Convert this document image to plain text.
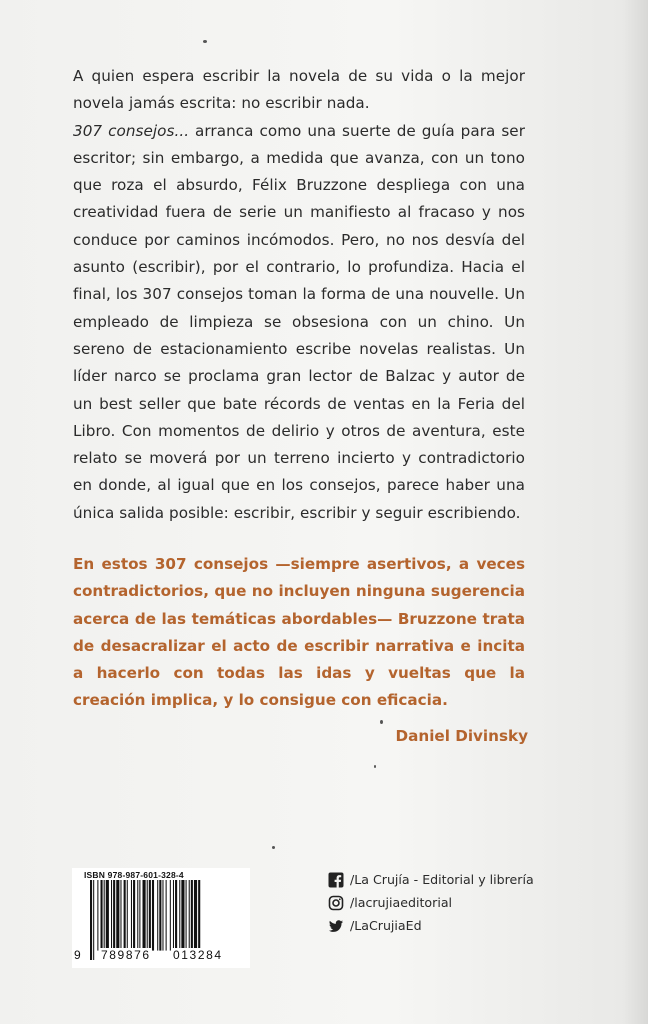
A quien espera escribir la novela de su vida o la mejor novela jamás escrita: no escribir nada.

307 consejos... arranca como una suerte de guía para ser escritor; sin embargo, a medida que avanza, con un tono que roza el absurdo, Félix Bruzzone despliega con una creatividad fuera de serie un manifiesto al fracaso y nos conduce por caminos incómodos. Pero, no nos desvía del asunto (escribir), por el contrario, lo profundiza. Hacia el final, los 307 consejos toman la forma de una nouvelle. Un empleado de limpieza se obsesiona con un chino. Un sereno de estacionamiento escribe novelas realistas. Un líder narco se proclama gran lector de Balzac y autor de un best seller que bate récords de ventas en la Feria del Libro. Con momentos de delirio y otros de aventura, este relato se moverá por un terreno incierto y contradictorio en donde, al igual que en los consejos, parece haber una única salida posible: escribir, escribir y seguir escribiendo.

En estos 307 consejos —siempre asertivos, a veces contradictorios, que no incluyen ninguna sugerencia acerca de las temáticas abordables— Bruzzone trata de desacralizar el acto de escribir narrativa e incita a hacerlo con todas las idas y vueltas que la creación implica, y lo consigue con eficacia.

Daniel Divinsky
ISBN 978-987-601-328-4
9 789876 013284
/La Crujía - Editorial y librería
/lacrujiaeditorial
/LaCrujiaEd
